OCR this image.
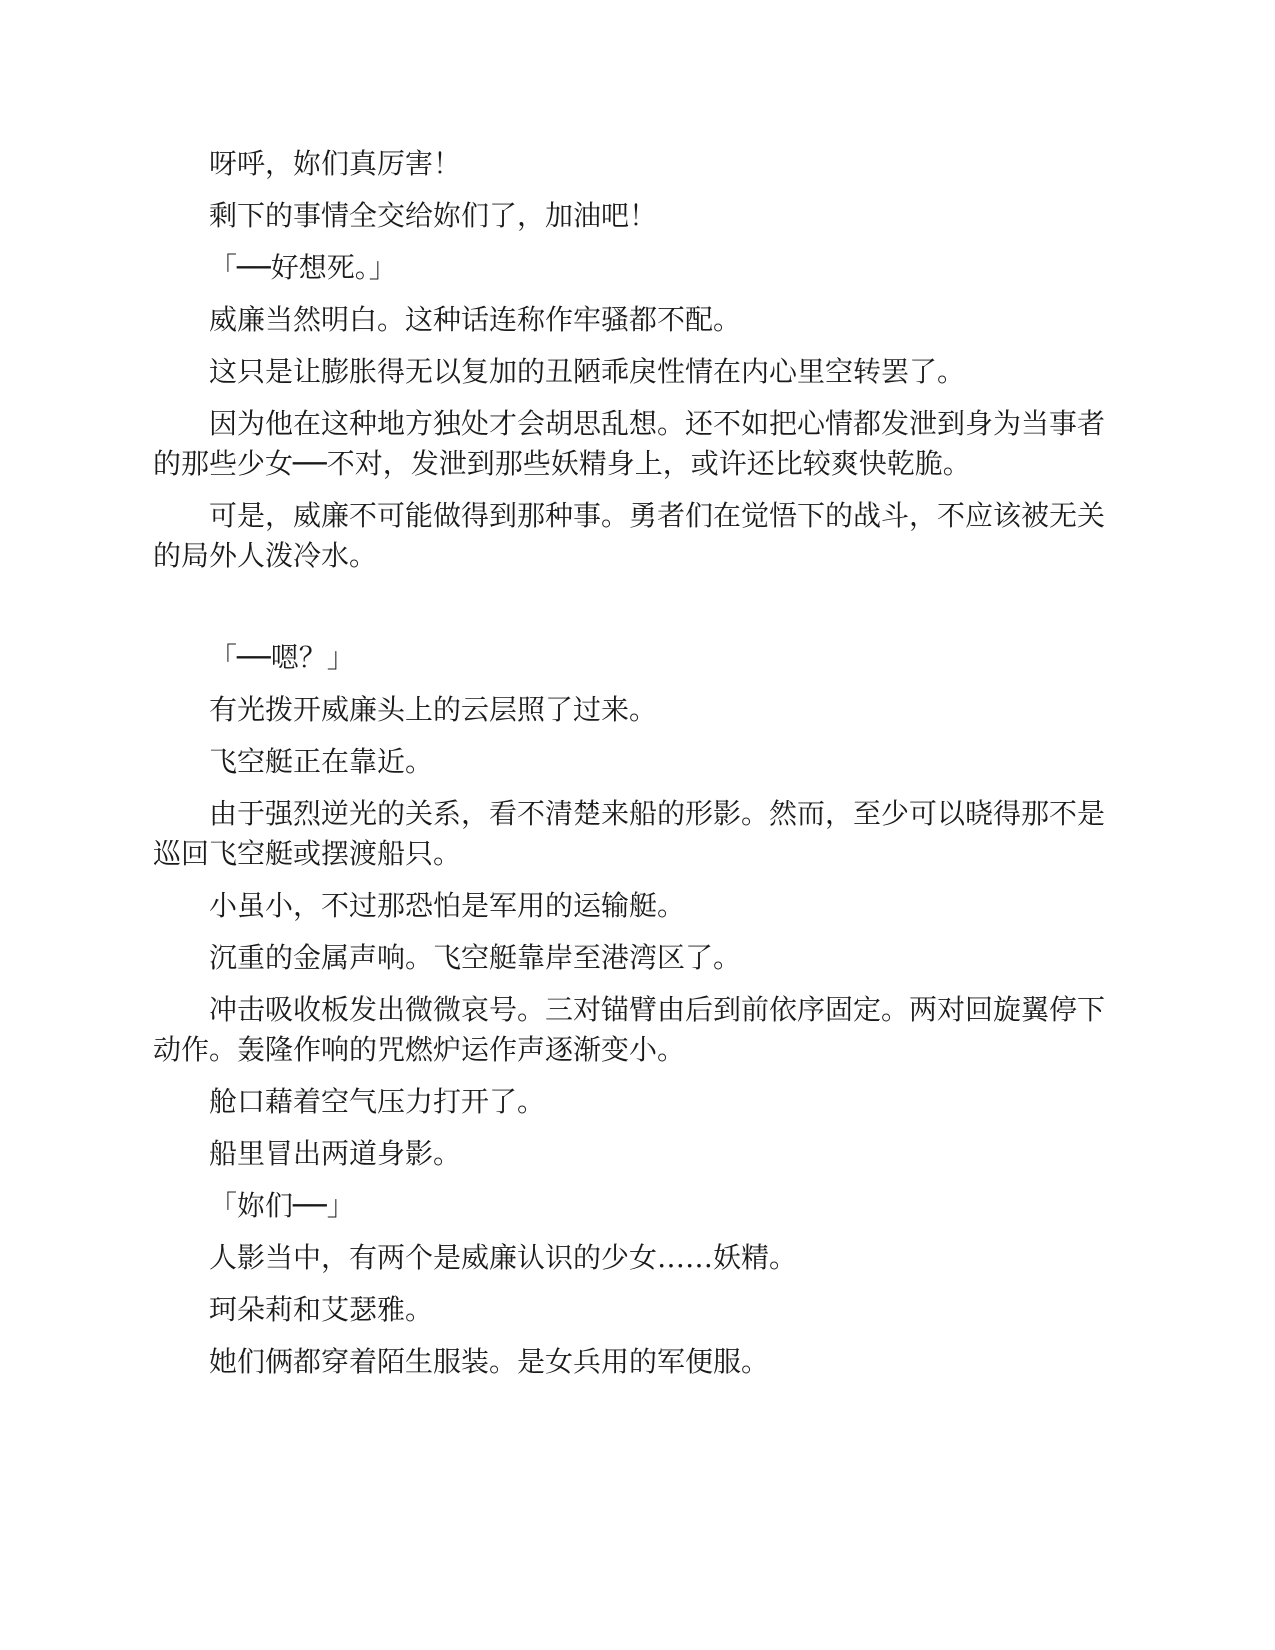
呀呼，妳们真厉害！

剩下的事情全交给妳们了，加油吧！

「──好想死。」

威廉当然明白。这种话连称作牢骚都不配。

这只是让膨胀得无以复加的丑陋乖戾性情在内心里空转罢了。

因为他在这种地方独处才会胡思乱想。还不如把心情都发泄到身为当事者的那些少女──不对，发泄到那些妖精身上，或许还比较爽快乾脆。

可是，威廉不可能做得到那种事。勇者们在觉悟下的战斗，不应该被无关的局外人泼冷水。

「──嗯？」

有光拨开威廉头上的云层照了过来。

飞空艇正在靠近。

由于强烈逆光的关系，看不清楚来船的形影。然而，至少可以晓得那不是巡回飞空艇或摆渡船只。

小虽小，不过那恐怕是军用的运输艇。

沉重的金属声响。飞空艇靠岸至港湾区了。

冲击吸收板发出微微哀号。三对锚臂由后到前依序固定。两对回旋翼停下动作。轰隆作响的咒燃炉运作声逐渐变小。

舱口藉着空气压力打开了。

船里冒出两道身影。

「妳们──」

人影当中，有两个是威廉认识的少女……妖精。

珂朵莉和艾瑟雅。

她们俩都穿着陌生服装。是女兵用的军便服。
